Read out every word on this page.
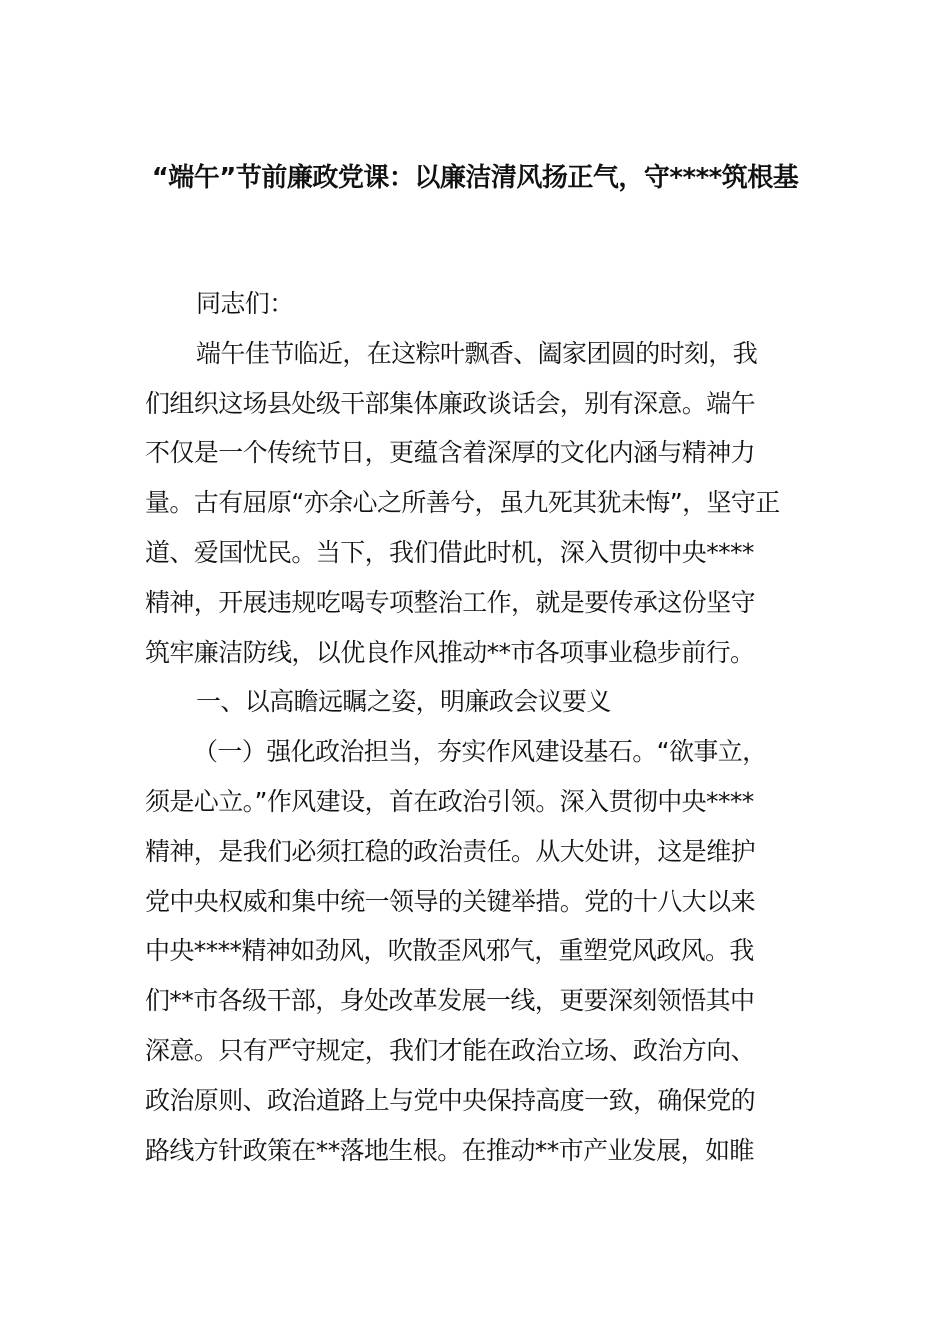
“端午”节前廉政党课：以廉洁清风扬正气，守****筑根基
同志们：
端午佳节临近，在这粽叶飘香、阖家团圆的时刻，我
们组织这场县处级干部集体廉政谈话会，别有深意。端午
不仅是一个传统节日，更蕴含着深厚的文化内涵与精神力
量。古有屈原“亦余心之所善兮，虽九死其犹未悔”，坚守正
道、爱国忧民。当下，我们借此时机，深入贯彻中央****
精神，开展违规吃喝专项整治工作，就是要传承这份坚守
筑牢廉洁防线，以优良作风推动**市各项事业稳步前行。
一、以高瞻远瞩之姿，明廉政会议要义
（一）强化政治担当，夯实作风建设基石。“欲事立，
须是心立。”作风建设，首在政治引领。深入贯彻中央****
精神，是我们必须扛稳的政治责任。从大处讲，这是维护
党中央权威和集中统一领导的关键举措。党的十八大以来
中央****精神如劲风，吹散歪风邪气，重塑党风政风。我
们**市各级干部，身处改革发展一线，更要深刻领悟其中
深意。只有严守规定，我们才能在政治立场、政治方向、
政治原则、政治道路上与党中央保持高度一致，确保党的
路线方针政策在**落地生根。在推动**市产业发展，如睢
